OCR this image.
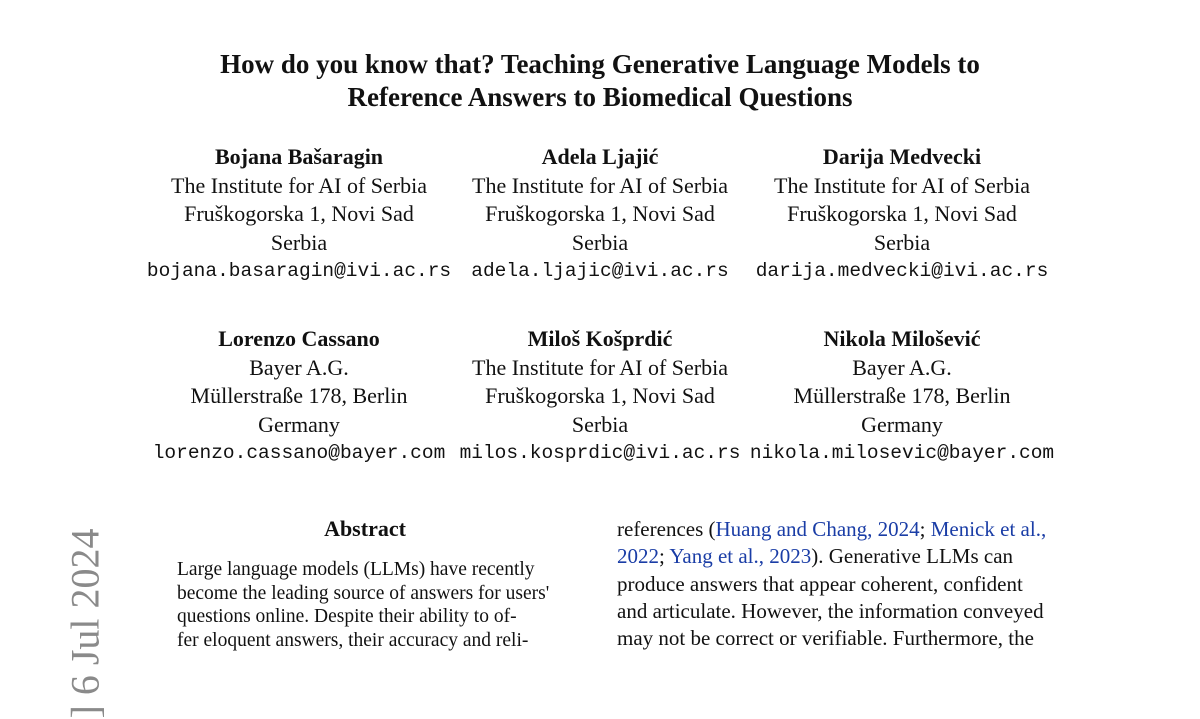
] 6 Jul 2024
How do you know that? Teaching Generative Language Models to
Reference Answers to Biomedical Questions
Bojana Bašaragin
The Institute for AI of Serbia
Fruškogorska 1, Novi Sad
Serbia
bojana.basaragin@ivi.ac.rs
Adela Ljajić
The Institute for AI of Serbia
Fruškogorska 1, Novi Sad
Serbia
adela.ljajic@ivi.ac.rs
Darija Medvecki
The Institute for AI of Serbia
Fruškogorska 1, Novi Sad
Serbia
darija.medvecki@ivi.ac.rs
Lorenzo Cassano
Bayer A.G.
Müllerstraße 178, Berlin
Germany
lorenzo.cassano@bayer.com
Miloš Košprdić
The Institute for AI of Serbia
Fruškogorska 1, Novi Sad
Serbia
milos.kosprdic@ivi.ac.rs
Nikola Milošević
Bayer A.G.
Müllerstraße 178, Berlin
Germany
nikola.milosevic@bayer.com
Abstract
Large language models (LLMs) have recently
become the leading source of answers for users'
questions online. Despite their ability to of-
fer eloquent answers, their accuracy and reli-
references (Huang and Chang, 2024; Menick et al.,
2022; Yang et al., 2023). Generative LLMs can
produce answers that appear coherent, confident
and articulate. However, the information conveyed
may not be correct or verifiable. Furthermore, the
